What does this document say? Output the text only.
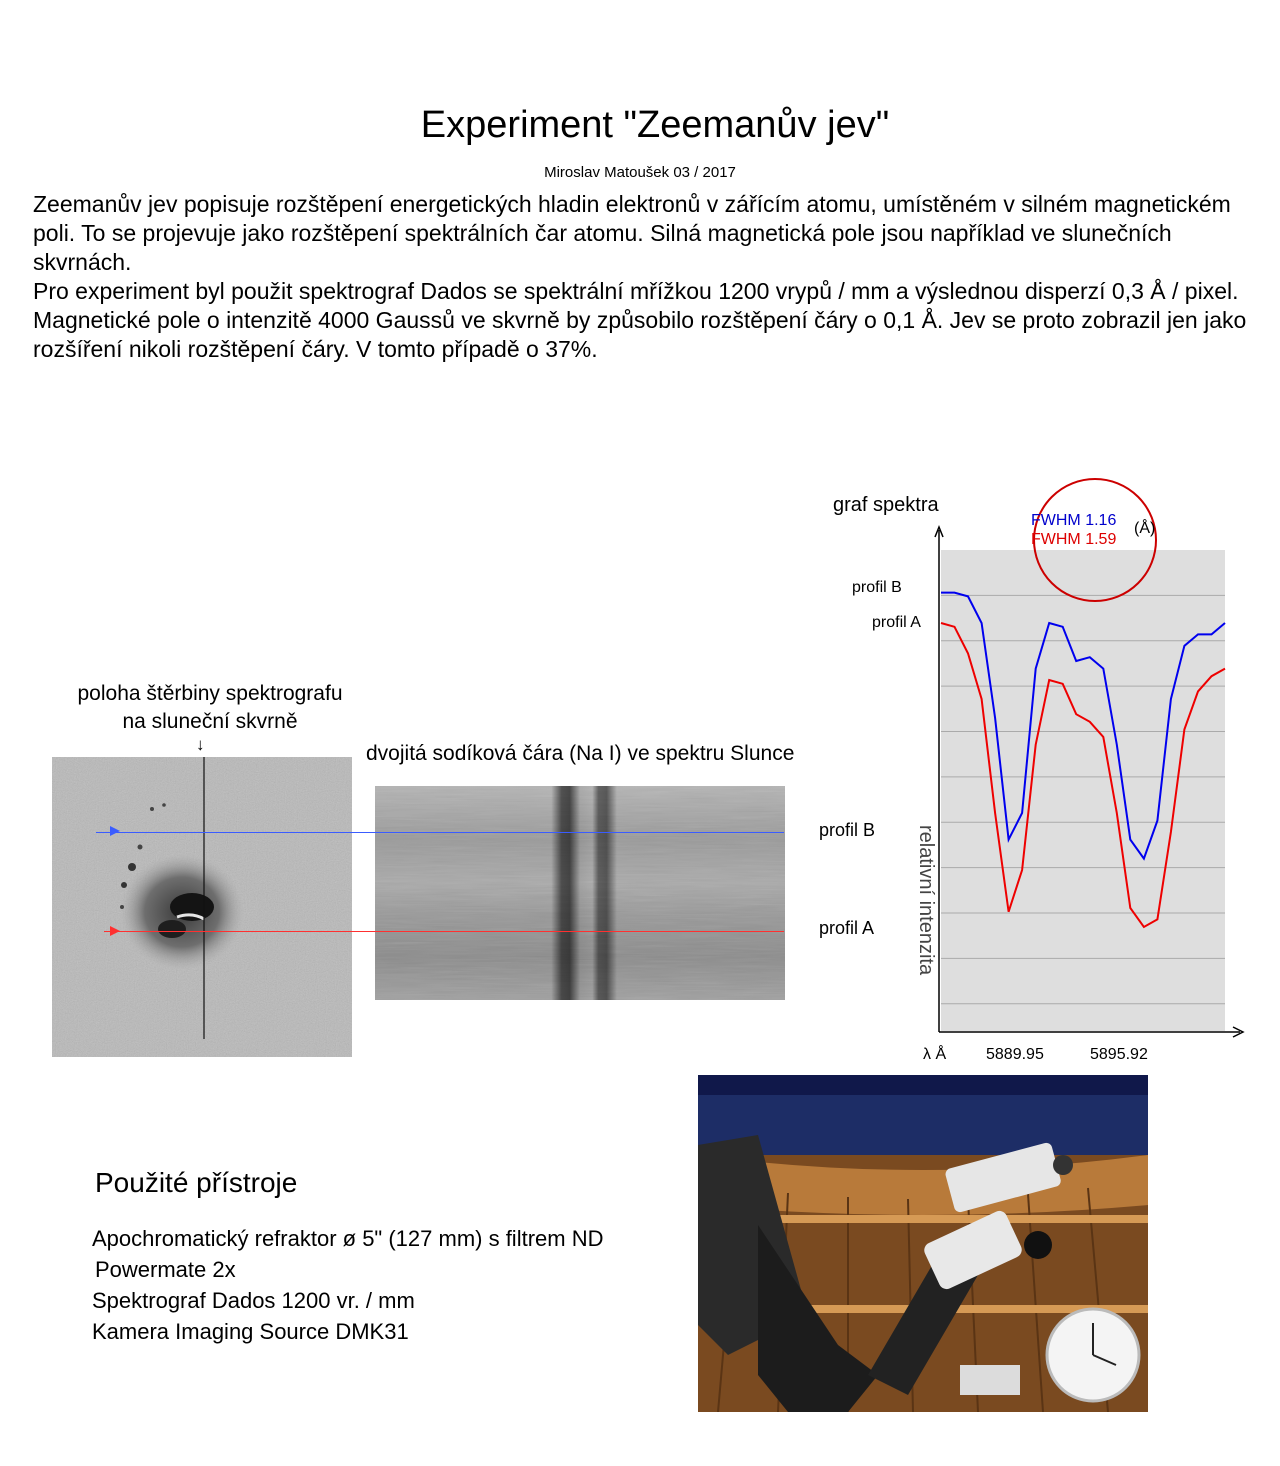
Experiment "Zeemanův jev"
Miroslav Matoušek 03 / 2017

Zeemanův jev popisuje rozštěpení energetických hladin elektronů v zářícím atomu, umístěném v silném magnetickém poli. To se projevuje jako rozštěpení spektrálních čar atomu. Silná magnetická pole jsou například ve slunečních skvrnách.

Pro experiment byl použit spektrograf Dados se spektrální mřížkou 1200 vrypů / mm a výslednou disperzí 0,3 Å / pixel. Magnetické pole o intenzitě 4000 Gaussů ve skvrně by způsobilo rozštěpení čáry o 0,1 Å. Jev se proto zobrazil jen jako rozšíření nikoli rozštěpení čáry. V tomto případě o 37%.

poloha štěrbiny spektrografu
na sluneční skvrně
↓	dvojitá sodíková čára (Na I) ve spektru Slunce
profil B
profil A
graf spektra
profil B
profil A
relativní intenzita
λ Å 5889.95	5895.92
FWHM 1.16
FWHM 1.59
(Å)
Použité přístroje
Apochromatický refraktor ø 5" (127 mm) s filtrem ND
Powermate 2x
Spektrograf Dados 1200 vr. / mm
Kamera Imaging Source DMK31
